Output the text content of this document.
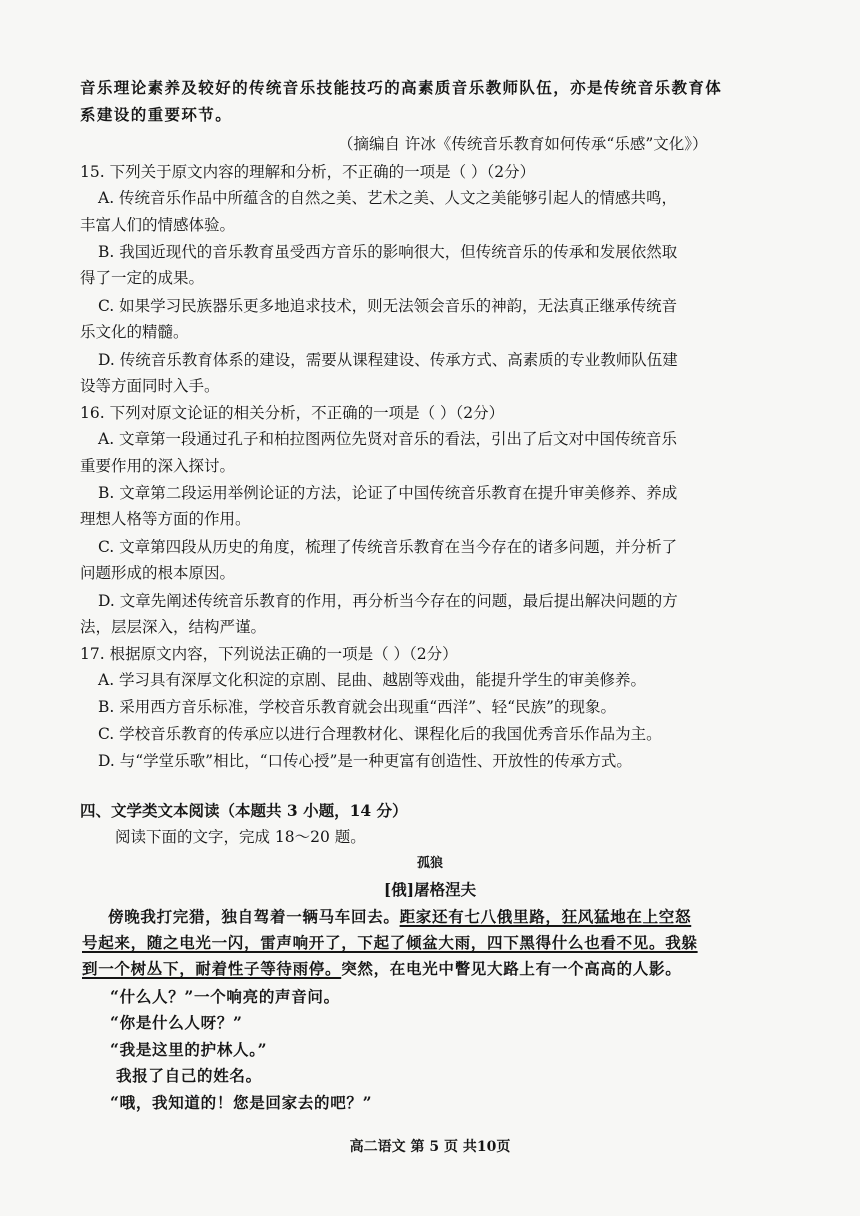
音乐理论素养及较好的传统音乐技能技巧的高素质音乐教师队伍，亦是传统音乐教育体
系建设的重要环节。
（摘编自 许冰《传统音乐教育如何传承“乐感”文化》）
15. 下列关于原文内容的理解和分析，不正确的一项是（ ）（2分）
A. 传统音乐作品中所蕴含的自然之美、艺术之美、人文之美能够引起人的情感共鸣，
丰富人们的情感体验。
B. 我国近现代的音乐教育虽受西方音乐的影响很大，但传统音乐的传承和发展依然取
得了一定的成果。
C. 如果学习民族器乐更多地追求技术，则无法领会音乐的神韵，无法真正继承传统音
乐文化的精髓。
D. 传统音乐教育体系的建设，需要从课程建设、传承方式、高素质的专业教师队伍建
设等方面同时入手。
16. 下列对原文论证的相关分析，不正确的一项是（ ）（2分）
A. 文章第一段通过孔子和柏拉图两位先贤对音乐的看法，引出了后文对中国传统音乐
重要作用的深入探讨。
B. 文章第二段运用举例论证的方法，论证了中国传统音乐教育在提升审美修养、养成
理想人格等方面的作用。
C. 文章第四段从历史的角度，梳理了传统音乐教育在当今存在的诸多问题，并分析了
问题形成的根本原因。
D. 文章先阐述传统音乐教育的作用，再分析当今存在的问题，最后提出解决问题的方
法，层层深入，结构严谨。
17. 根据原文内容，下列说法正确的一项是（ ）（2分）
A. 学习具有深厚文化积淀的京剧、昆曲、越剧等戏曲，能提升学生的审美修养。
B. 采用西方音乐标准，学校音乐教育就会出现重“西洋”、轻“民族”的现象。
C. 学校音乐教育的传承应以进行合理教材化、课程化后的我国优秀音乐作品为主。
D. 与“学堂乐歌”相比，“口传心授”是一种更富有创造性、开放性的传承方式。
四、文学类文本阅读（本题共 3 小题，14 分）
阅读下面的文字，完成 18～20 题。
孤狼
[俄]屠格涅夫
傍晚我打完猎，独自驾着一辆马车回去。距家还有七八俄里路，狂风猛地在上空怒
号起来，随之电光一闪，雷声响开了，下起了倾盆大雨，四下黑得什么也看不见。我躲
到一个树丛下，耐着性子等待雨停。突然，在电光中瞥见大路上有一个高高的人影。
“什么人？”一个响亮的声音问。
“你是什么人呀？”
“我是这里的护林人。”
我报了自己的姓名。
“哦，我知道的！您是回家去的吧？”
高二语文 第 5 页 共10页
